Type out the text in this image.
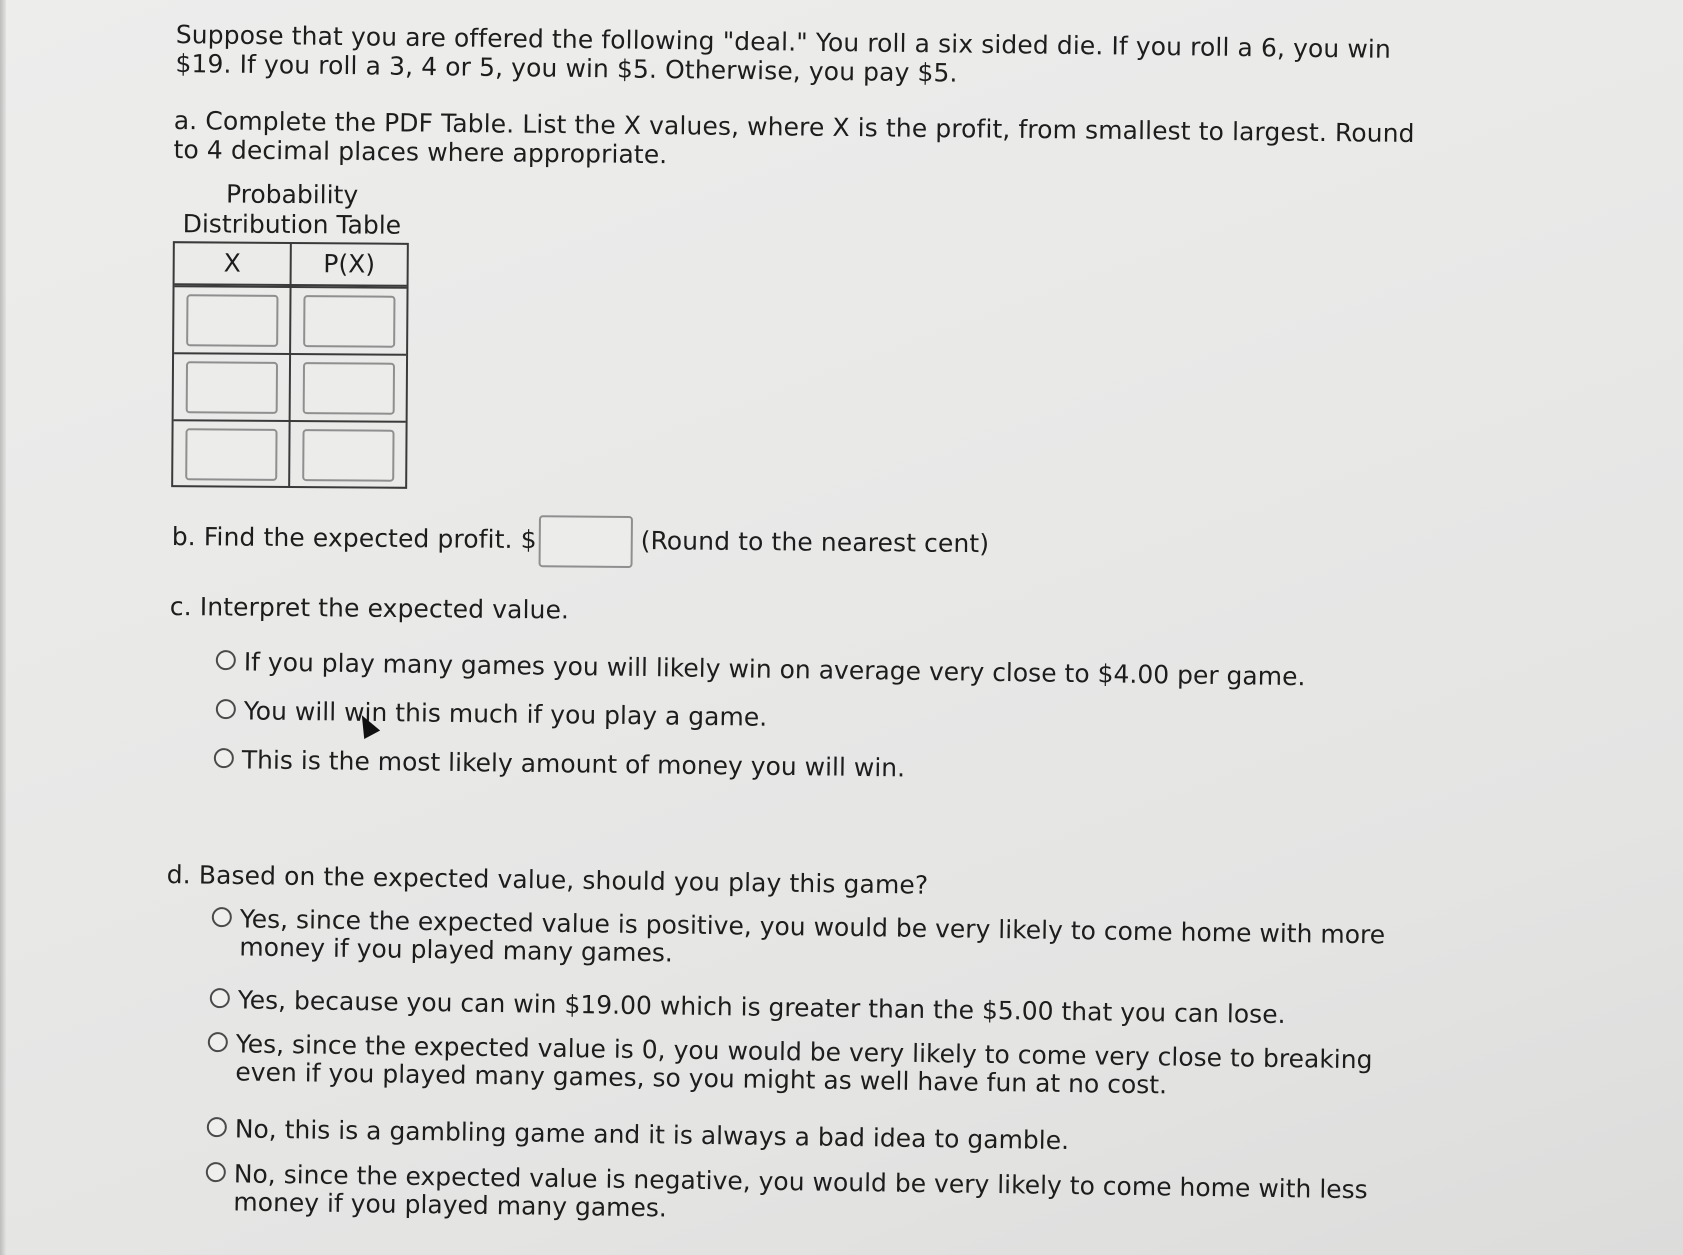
Suppose that you are offered the following "deal." You roll a six sided die. If you roll a 6, you win $19. If you roll a 3, 4 or 5, you win $5. Otherwise, you pay $5.
a. Complete the PDF Table. List the X values, where X is the profit, from smallest to largest. Round to 4 decimal places where appropriate.
Probability
Distribution Table
X	P(X)
b. Find the expected profit. $	(Round to the nearest cent)
c. Interpret the expected value.
If you play many games you will likely win on average very close to $4.00 per game.
You will win this much if you play a game.
This is the most likely amount of money you will win.
d. Based on the expected value, should you play this game?
Yes, since the expected value is positive, you would be very likely to come home with more money if you played many games.
Yes, because you can win $19.00 which is greater than the $5.00 that you can lose.
Yes, since the expected value is 0, you would be very likely to come very close to breaking even if you played many games, so you might as well have fun at no cost.
No, this is a gambling game and it is always a bad idea to gamble.
No, since the expected value is negative, you would be very likely to come home with less money if you played many games.
